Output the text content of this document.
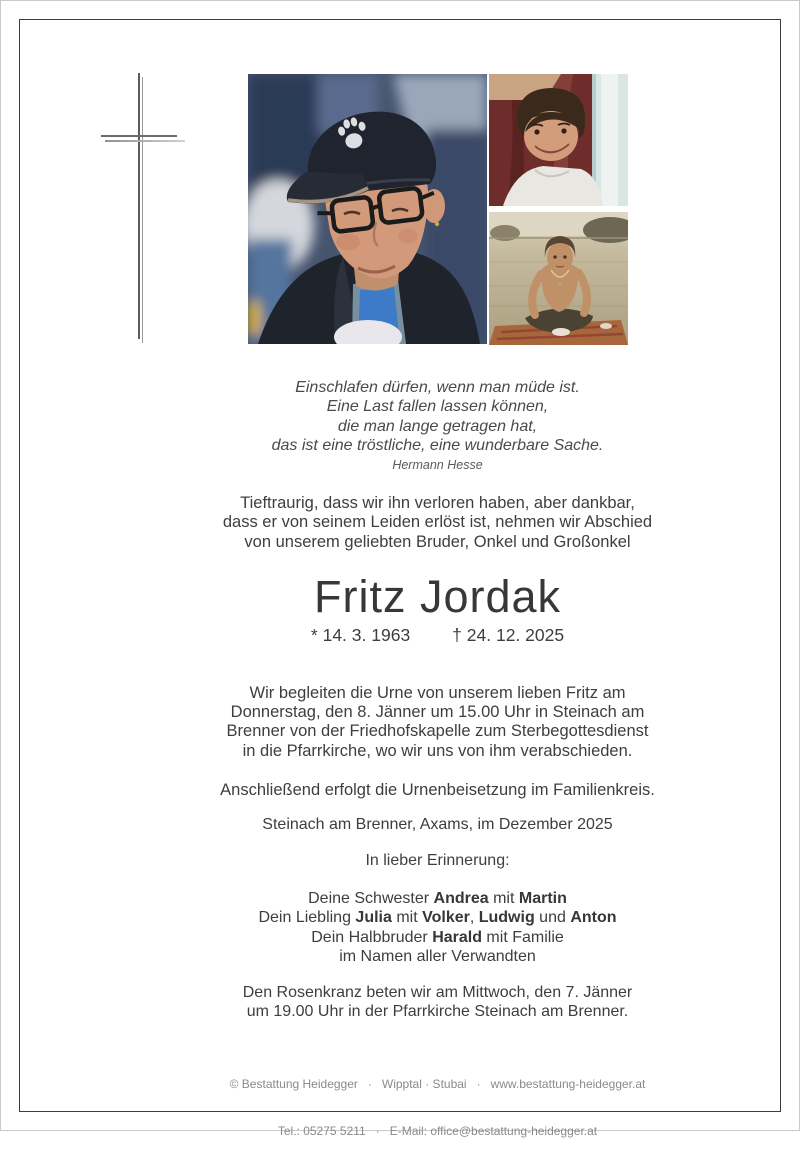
Einschlafen dürfen, wenn man müde ist.
Eine Last fallen lassen können,
die man lange getragen hat,
das ist eine tröstliche, eine wunderbare Sache.
Hermann Hesse
Tieftraurig, dass wir ihn verloren haben, aber dankbar,
dass er von seinem Leiden erlöst ist, nehmen wir Abschied
von unserem geliebten Bruder, Onkel und Großonkel
Fritz Jordak
* 14. 3. 1963 † 24. 12. 2025
Wir begleiten die Urne von unserem lieben Fritz am
Donnerstag, den 8. Jänner um 15.00 Uhr in Steinach am
Brenner von der Friedhofskapelle zum Sterbegottesdienst
in die Pfarrkirche, wo wir uns von ihm verabschieden.
Anschließend erfolgt die Urnenbeisetzung im Familienkreis.
Steinach am Brenner, Axams, im Dezember 2025
In lieber Erinnerung:
Deine Schwester Andrea mit Martin
Dein Liebling Julia mit Volker, Ludwig und Anton
Dein Halbbruder Harald mit Familie
im Namen aller Verwandten
Den Rosenkranz beten wir am Mittwoch, den 7. Jänner
um 19.00 Uhr in der Pfarrkirche Steinach am Brenner.

© Bestattung Heidegger   ·   Wipptal · Stubai   ·   www.bestattung-heidegger.at

Tel.: 05275 5211   ·   E-Mail: office@bestattung-heidegger.at
